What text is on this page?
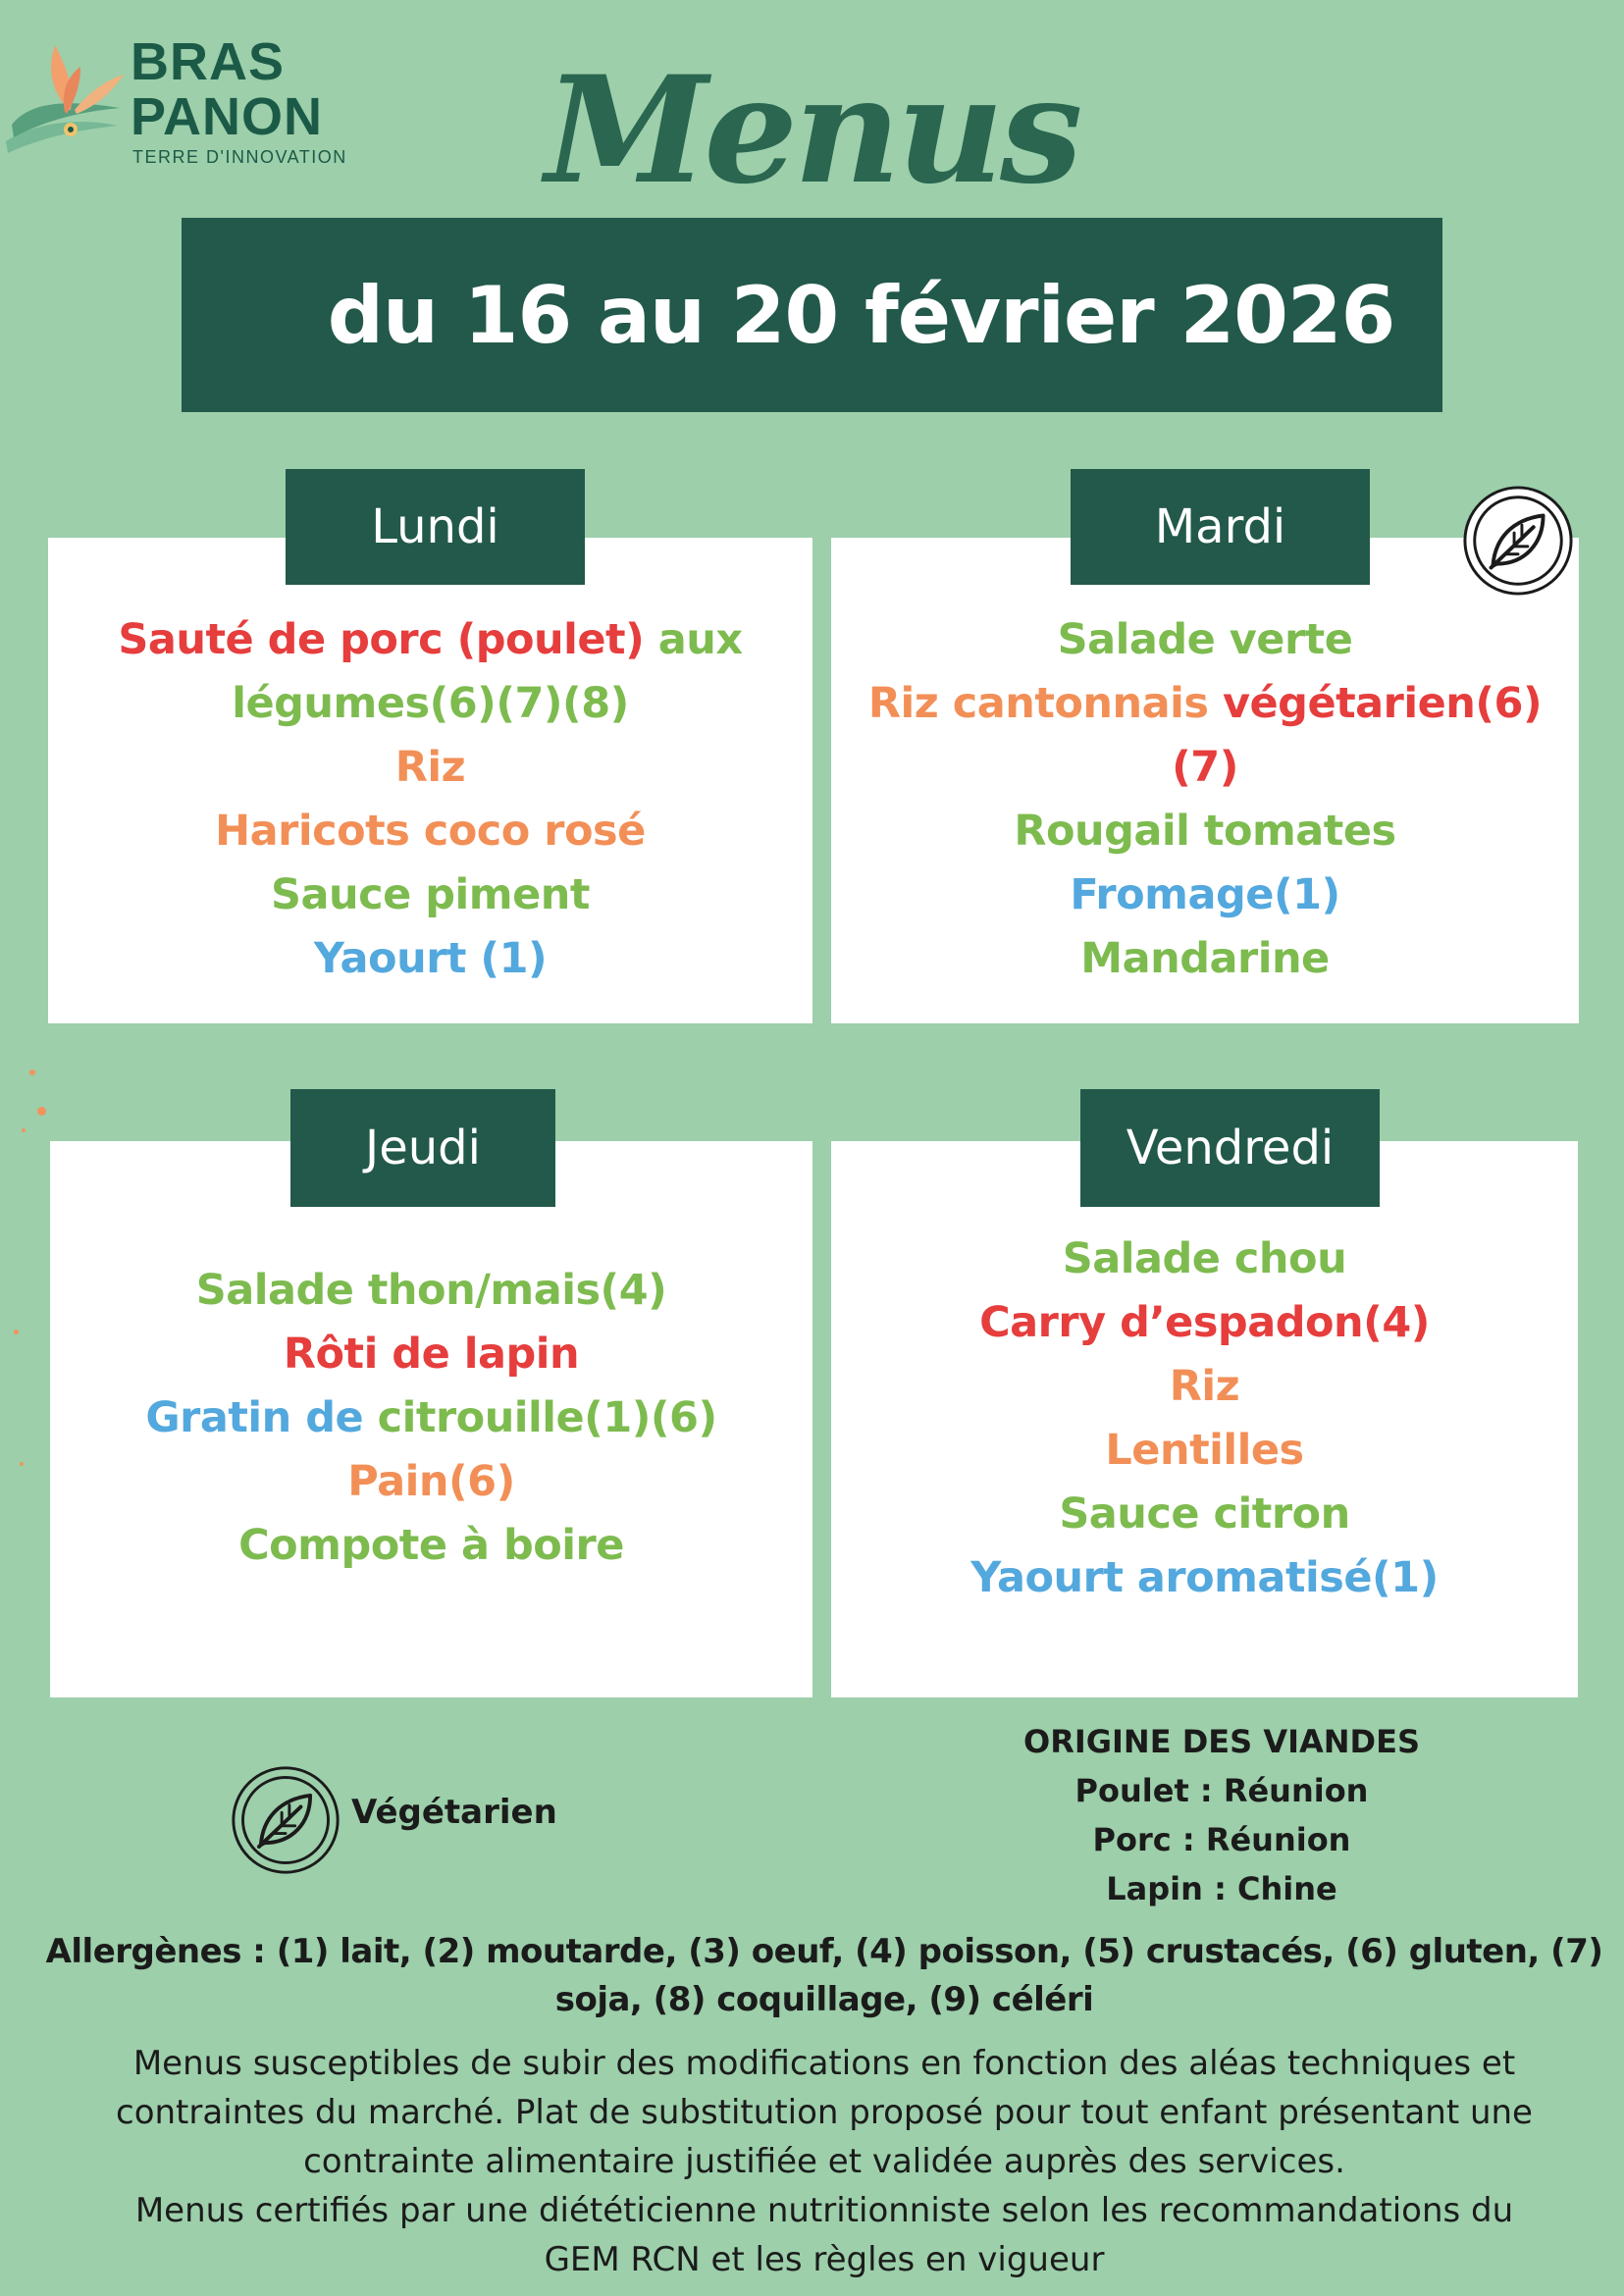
BRAS
PANON
TERRE D'INNOVATION	Menus
du 16 au 20 février 2026
Sauté de porc (poulet) aux
légumes(6)(7)(8)
Riz
Haricots coco rosé
Sauce piment
Yaourt (1)
Lundi
Salade verte
Riz cantonnais végétarien(6)
(7)
Rougail tomates
Fromage(1)
Mandarine
Mardi
Salade thon/mais(4)
Rôti de lapin
Gratin de citrouille(1)(6)
Pain(6)
Compote à boire
Jeudi
Salade chou
Carry d’espadon(4)
Riz
Lentilles
Sauce citron
Yaourt aromatisé(1)
Vendredi
Végétarien
ORIGINE DES VIANDES
Poulet : Réunion
Porc : Réunion
Lapin : Chine
Allergènes : (1) lait, (2) moutarde, (3) oeuf, (4) poisson, (5) crustacés, (6) gluten, (7)
soja, (8) coquillage, (9) céléri
Menus susceptibles de subir des modifications en fonction des aléas techniques et
contraintes du marché. Plat de substitution proposé pour tout enfant présentant une
contrainte alimentaire justifiée et validée auprès des services.
Menus certifiés par une diététicienne nutritionniste selon les recommandations du
GEM RCN et les règles en vigueur
